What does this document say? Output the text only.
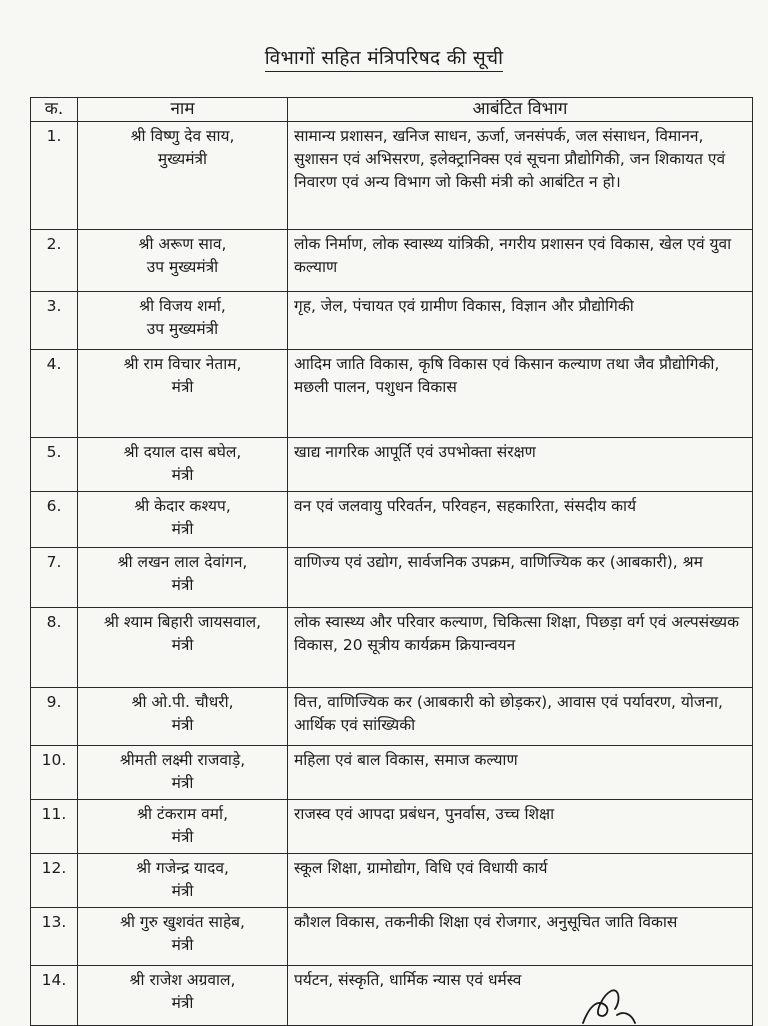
विभागों सहित मंत्रिपरिषद की सूची
क.	नाम	आबंटित विभाग
1.	श्री विष्णु देव साय,
मुख्यमंत्री	सामान्य प्रशासन, खनिज साधन, ऊर्जा, जनसंपर्क, जल संसाधन, विमानन, सुशासन एवं अभिसरण, इलेक्ट्रानिक्स एवं सूचना प्रौद्योगिकी, जन शिकायत एवं निवारण एवं अन्य विभाग जो किसी मंत्री को आबंटित न हो।
2.	श्री अरूण साव,
उप मुख्यमंत्री	लोक निर्माण, लोक स्वास्थ्य यांत्रिकी, नगरीय प्रशासन एवं विकास, खेल एवं युवा कल्याण
3.	श्री विजय शर्मा,
उप मुख्यमंत्री	गृह, जेल, पंचायत एवं ग्रामीण विकास, विज्ञान और प्रौद्योगिकी
4.	श्री राम विचार नेताम,
मंत्री	आदिम जाति विकास, कृषि विकास एवं किसान कल्याण तथा जैव प्रौद्योगिकी, मछली पालन, पशुधन विकास
5.	श्री दयाल दास बघेल,
मंत्री	खाद्य नागरिक आपूर्ति एवं उपभोक्ता संरक्षण
6.	श्री केदार कश्यप,
मंत्री	वन एवं जलवायु परिवर्तन, परिवहन, सहकारिता, संसदीय कार्य
7.	श्री लखन लाल देवांगन,
मंत्री	वाणिज्य एवं उद्योग, सार्वजनिक उपक्रम, वाणिज्यिक कर (आबकारी), श्रम
8.	श्री श्याम बिहारी जायसवाल,
मंत्री	लोक स्वास्थ्य और परिवार कल्याण, चिकित्सा शिक्षा, पिछड़ा वर्ग एवं अल्पसंख्यक विकास, 20 सूत्रीय कार्यक्रम क्रियान्वयन
9.	श्री ओ.पी. चौधरी,
मंत्री	वित्त, वाणिज्यिक कर (आबकारी को छोड़कर), आवास एवं पर्यावरण, योजना, आर्थिक एवं सांख्यिकी
10.	श्रीमती लक्ष्मी राजवाड़े,
मंत्री	महिला एवं बाल विकास, समाज कल्याण
11.	श्री टंकराम वर्मा,
मंत्री	राजस्व एवं आपदा प्रबंधन, पुनर्वास, उच्च शिक्षा
12.	श्री गजेन्द्र यादव,
मंत्री	स्कूल शिक्षा, ग्रामोद्योग, विधि एवं विधायी कार्य
13.	श्री गुरु खुशवंत साहेब,
मंत्री	कौशल विकास, तकनीकी शिक्षा एवं रोजगार, अनुसूचित जाति विकास
14.	श्री राजेश अग्रवाल,
मंत्री	पर्यटन, संस्कृति, धार्मिक न्यास एवं धर्मस्व
